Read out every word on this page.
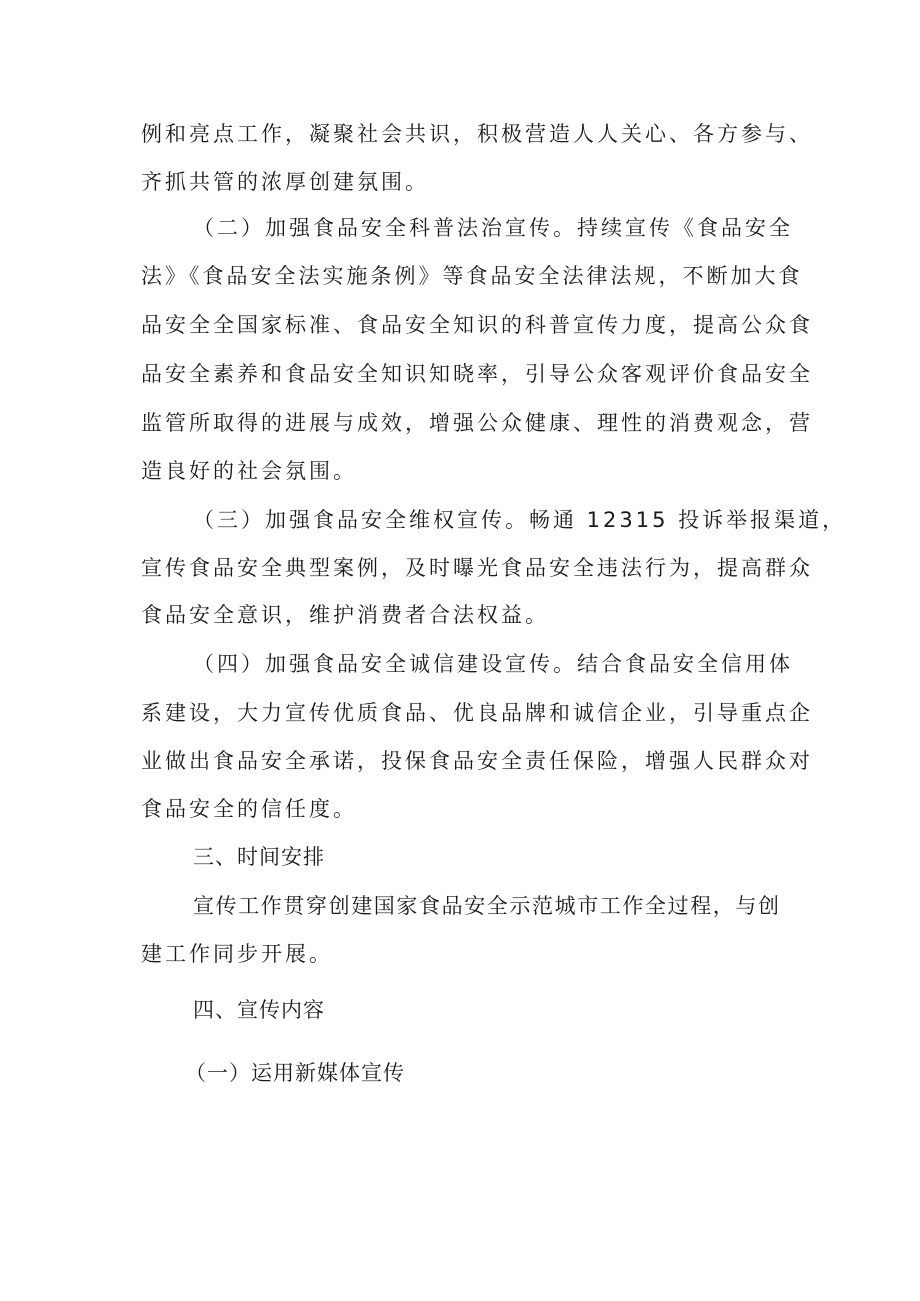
例和亮点工作，凝聚社会共识，积极营造人人关心、各方参与、
齐抓共管的浓厚创建氛围。
（二）加强食品安全科普法治宣传。持续宣传《食品安全
法》《食品安全法实施条例》等食品安全法律法规，不断加大食
品安全全国家标准、食品安全知识的科普宣传力度，提高公众食
品安全素养和食品安全知识知晓率，引导公众客观评价食品安全
监管所取得的进展与成效，增强公众健康、理性的消费观念，营
造良好的社会氛围。
（三）加强食品安全维权宣传。畅通 12315 投诉举报渠道，
宣传食品安全典型案例，及时曝光食品安全违法行为，提高群众
食品安全意识，维护消费者合法权益。
（四）加强食品安全诚信建设宣传。结合食品安全信用体
系建设，大力宣传优质食品、优良品牌和诚信企业，引导重点企
业做出食品安全承诺，投保食品安全责任保险，增强人民群众对
食品安全的信任度。
三、时间安排
宣传工作贯穿创建国家食品安全示范城市工作全过程，与创
建工作同步开展。
四、宣传内容
（一）运用新媒体宣传
